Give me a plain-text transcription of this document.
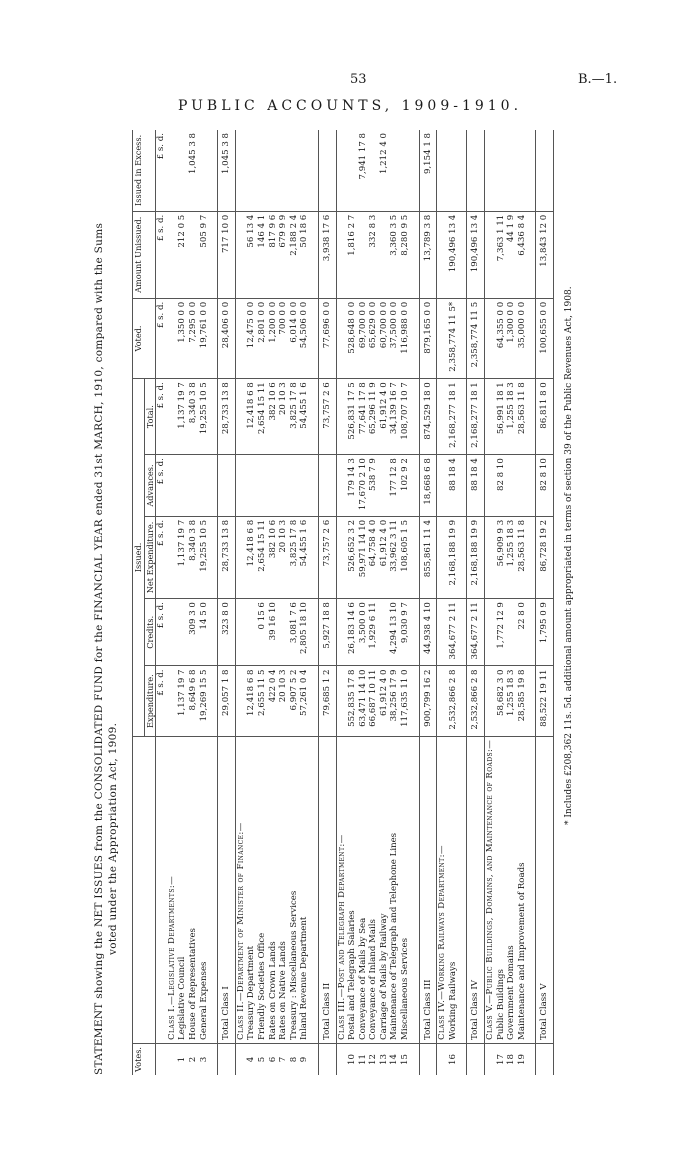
53	B.—1.
PUBLIC ACCOUNTS, 1909-1910.
STATEMENT showing the NET ISSUES from the CONSOLIDATED FUND for the FINANCIAL YEAR ended 31st MARCH, 1910, compared with the Sums voted under the Appropriation Act, 1909.
Votes.		Issued.					Voted.	Amount Unissued.	Issued in Excess.
		Expenditure.	Credits.	Net Expenditure.	Advances.	Total.			
		£ s. d.	£ s. d.	£ s. d.	£ s. d.	£ s. d.	£ s. d.	£ s. d.	£ s. d.
	Class I.—Legislative Departments:—								
1	Legislative Council	1,137 19 7		1,137 19 7		1,137 19 7	1,350 0 0	212 0 5	
2	House of Representatives	8,649 6 8	309 3 0	8,340 3 8		8,340 3 8	7,295 0 0		1,045 3 8
3	General Expenses	19,269 15 5	14 5 0	19,255 10 5		19,255 10 5	19,761 0 0	505 9 7	

	Total Class I	29,057 1 8	323 8 0	28,733 13 8		28,733 13 8	28,406 0 0	717 10 0	1,045 3 8
	Class II.—Department of Minister of Finance:—								
4	Treasury Department	12,418 6 8		12,418 6 8		12,418 6 8	12,475 0 0	56 13 4	
5	Friendly Societies Office	2,655 11 5	0 15 6	2,654 15 11		2,654 15 11	2,801 0 0	146 4 1	
6	Rates on Crown Lands	422 0 4	39 16 10	382 10 6		382 10 6	1,200 0 0	817 9 6	
7	Rates on Native Lands	20 10 3		20 10 3		20 10 3	700 0 0	679 9 9	
8	Treasury : Miscellaneous Services	6,907 5 2	3,081 7 6	3,825 17 8		3,825 17 8	6,014 0 0	2,188 2 4	
9	Inland Revenue Department	57,261 0 4	2,805 18 10	54,455 1 6		54,455 1 6	54,506 0 0	50 18 6	

	Total Class II	79,685 1 2	5,927 18 8	73,757 2 6		73,757 2 6	77,696 0 0	3,938 17 6	
	Class III.—Post and Telegraph Department:—								
10	Postal and Telegraph Salaries	552,835 17 8	26,183 14 6	526,652 3 2	179 14 3	526,831 17 5	528,648 0 0	1,816 2 7	
11	Conveyance of Mails by Sea	63,471 14 10	3,500 0 0	59,971 14 10	17,670 2 10	77,641 17 8	69,700 0 0		7,941 17 8
12	Conveyance of Inland Mails	66,687 10 11	1,929 6 11	64,758 4 0	538 7 9	65,296 11 9	65,629 0 0	332 8 3	
13	Carriage of Mails by Railway	61,912 4 0		61,912 4 0		61,912 4 0	60,700 0 0		1,212 4 0
14	Maintenance of Telegraph and Telephone Lines	38,256 17 9	4,294 13 10	33,962 3 11	177 12 8	34,139 16 7	37,500 0 0	3,360 3 5	
15	Miscellaneous Services	117,635 11 0	9,030 9 7	108,605 1 5	102 9 2	108,707 10 7	116,988 0 0	8,280 9 5	

	Total Class III	900,799 16 2	44,938 4 10	855,861 11 4	18,668 6 8	874,529 18 0	879,165 0 0	13,789 3 8	9,154 1 8
	Class IV.—Working Railways Department:—								
16	Working Railways	2,532,866 2 8	364,677 2 11	2,168,188 19 9	88 18 4	2,168,277 18 1	2,358,774 11 5*	190,496 13 4	

	Total Class IV	2,532,866 2 8	364,677 2 11	2,168,188 19 9	88 18 4	2,168,277 18 1	2,358,774 11 5	190,496 13 4	
	Class V.—Public Buildings, Domains, and Maintenance of Roads:—								
17	Public Buildings	58,682 3 0	1,772 12 9	56,909 9 3	82 8 10	56,991 18 1	64,355 0 0	7,363 1 11	
18	Government Domains	1,255 18 3		1,255 18 3		1,255 18 3	1,300 0 0	44 1 9	
19	Maintenance and Improvement of Roads	28,585 19 8	22 8 0	28,563 11 8		28,563 11 8	35,000 0 0	6,436 8 4	

	Total Class V	88,522 19 11	1,795 0 9	86,728 19 2	82 8 10	86,811 8 0	100,655 0 0	13,843 12 0	
* Includes £208,362 11s. 5d. additional amount appropriated in terms of section 39 of the Public Revenues Act, 1908.
